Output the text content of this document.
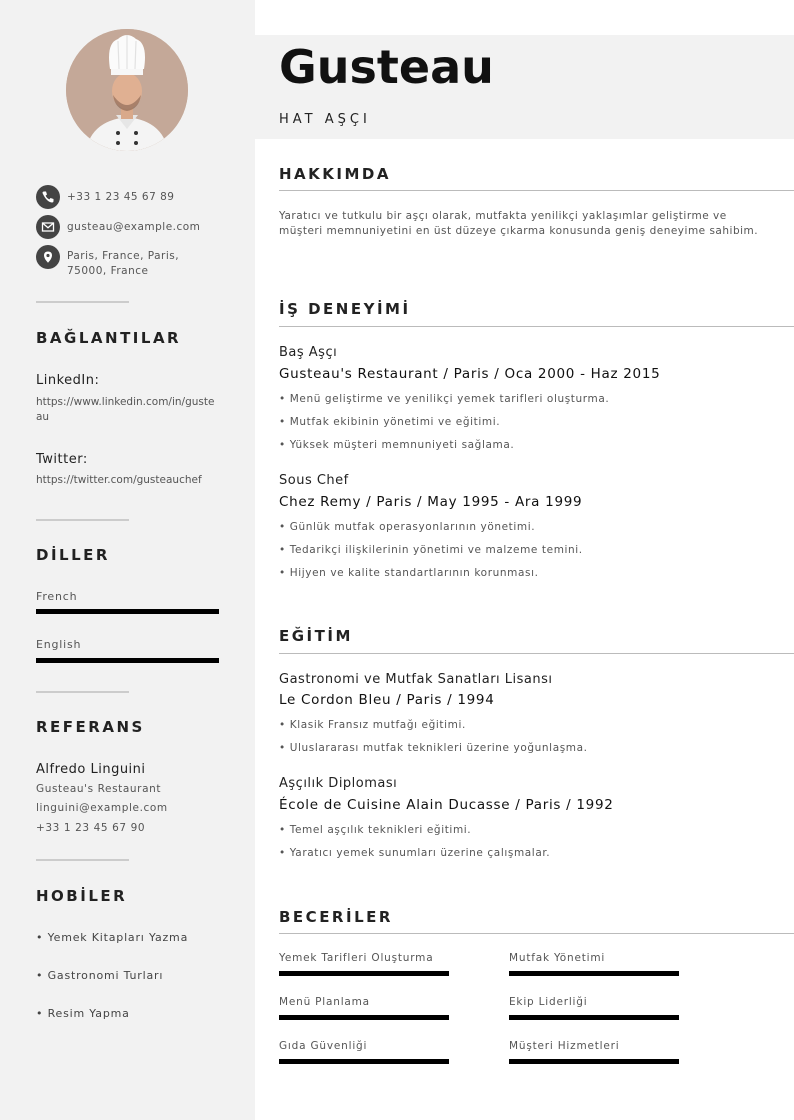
+33 1 23 45 67 89
gusteau@example.com
Paris, France, Paris,
75000, France
BAĞLANTILAR
LinkedIn:
https://www.linkedin.com/in/gusteau
Twitter:
https://twitter.com/gusteauchef
DİLLER
French
English
REFERANS
Alfredo Linguini
Gusteau's Restaurant
linguini@example.com
+33 1 23 45 67 90
HOBİLER
• Yemek Kitapları Yazma
• Gastronomi Turları
• Resim Yapma
Gusteau
HAT AŞÇI
HAKKIMDA
Yaratıcı ve tutkulu bir aşçı olarak, mutfakta yenilikçi yaklaşımlar geliştirme ve müşteri memnuniyetini en üst düzeye çıkarma konusunda geniş deneyime sahibim.
İŞ DENEYİMİ
Baş Aşçı
Gusteau's Restaurant / Paris / Oca 2000 - Haz 2015
• Menü geliştirme ve yenilikçi yemek tarifleri oluşturma.
• Mutfak ekibinin yönetimi ve eğitimi.
• Yüksek müşteri memnuniyeti sağlama.
Sous Chef
Chez Remy / Paris / May 1995 - Ara 1999
• Günlük mutfak operasyonlarının yönetimi.
• Tedarikçi ilişkilerinin yönetimi ve malzeme temini.
• Hijyen ve kalite standartlarının korunması.
EĞİTİM
Gastronomi ve Mutfak Sanatları Lisansı
Le Cordon Bleu / Paris / 1994
• Klasik Fransız mutfağı eğitimi.
• Uluslararası mutfak teknikleri üzerine yoğunlaşma.
Aşçılık Diploması
École de Cuisine Alain Ducasse / Paris / 1992
• Temel aşçılık teknikleri eğitimi.
• Yaratıcı yemek sunumları üzerine çalışmalar.
BECERİLER
Yemek Tarifleri Oluşturma	Mutfak Yönetimi
Menü Planlama	Ekip Liderliği
Gıda Güvenliği	Müşteri Hizmetleri
